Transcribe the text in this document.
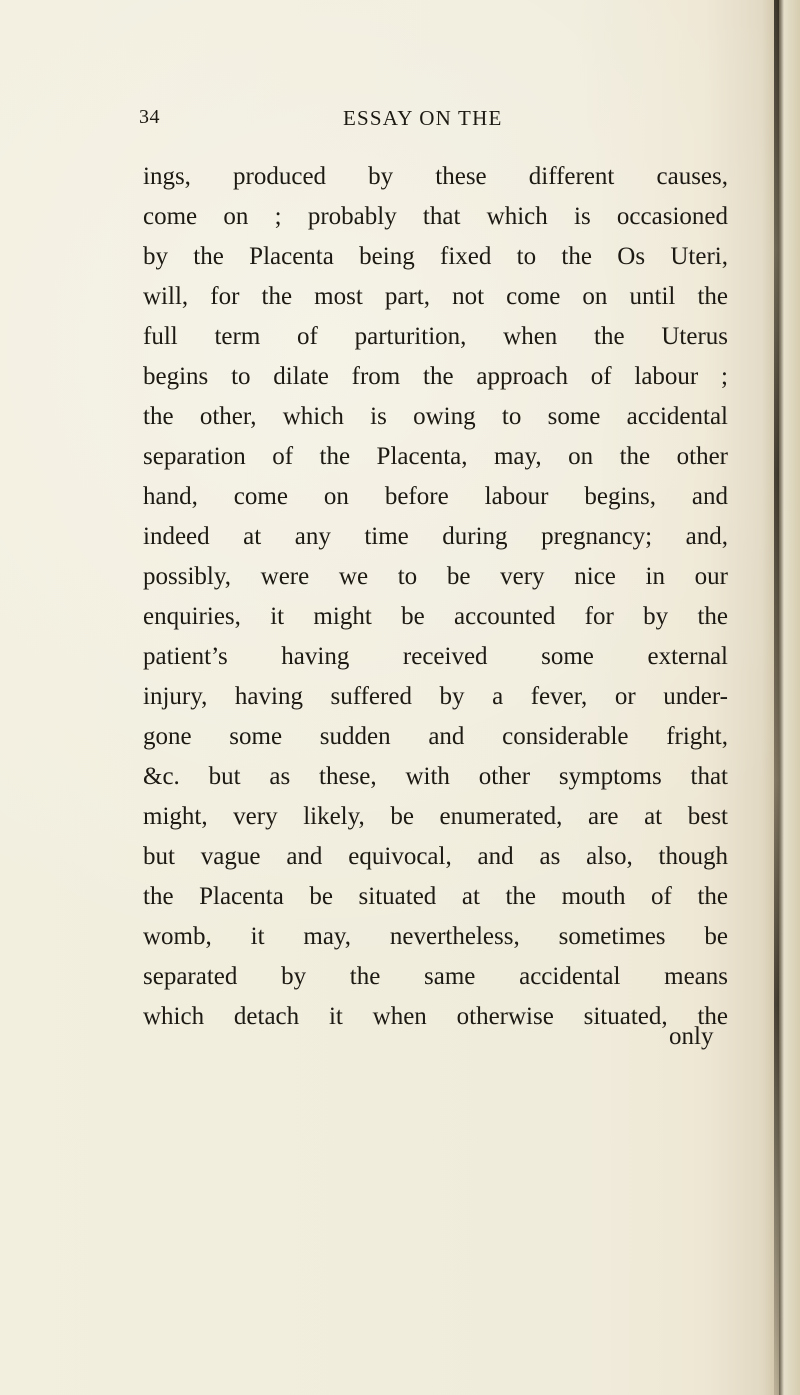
34	ESSAY ON THE
ings, produced by these different causes,
come on ; probably that which is occasioned
by the Placenta being fixed to the Os Uteri,
will, for the most part, not come on until the
full term of parturition, when the Uterus
begins to dilate from the approach of labour ;
the other, which is owing to some accidental
separation of the Placenta, may, on the other
hand, come on before labour begins, and
indeed at any time during pregnancy; and,
possibly, were we to be very nice in our
enquiries, it might be accounted for by the
patient’s having received some external
injury, having suffered by a fever, or under-
gone some sudden and considerable fright,
&c. but as these, with other symptoms that
might, very likely, be enumerated, are at best
but vague and equivocal, and as also, though
the Placenta be situated at the mouth of the
womb, it may, nevertheless, sometimes be
separated by the same accidental means
which detach it when otherwise situated, the
only
